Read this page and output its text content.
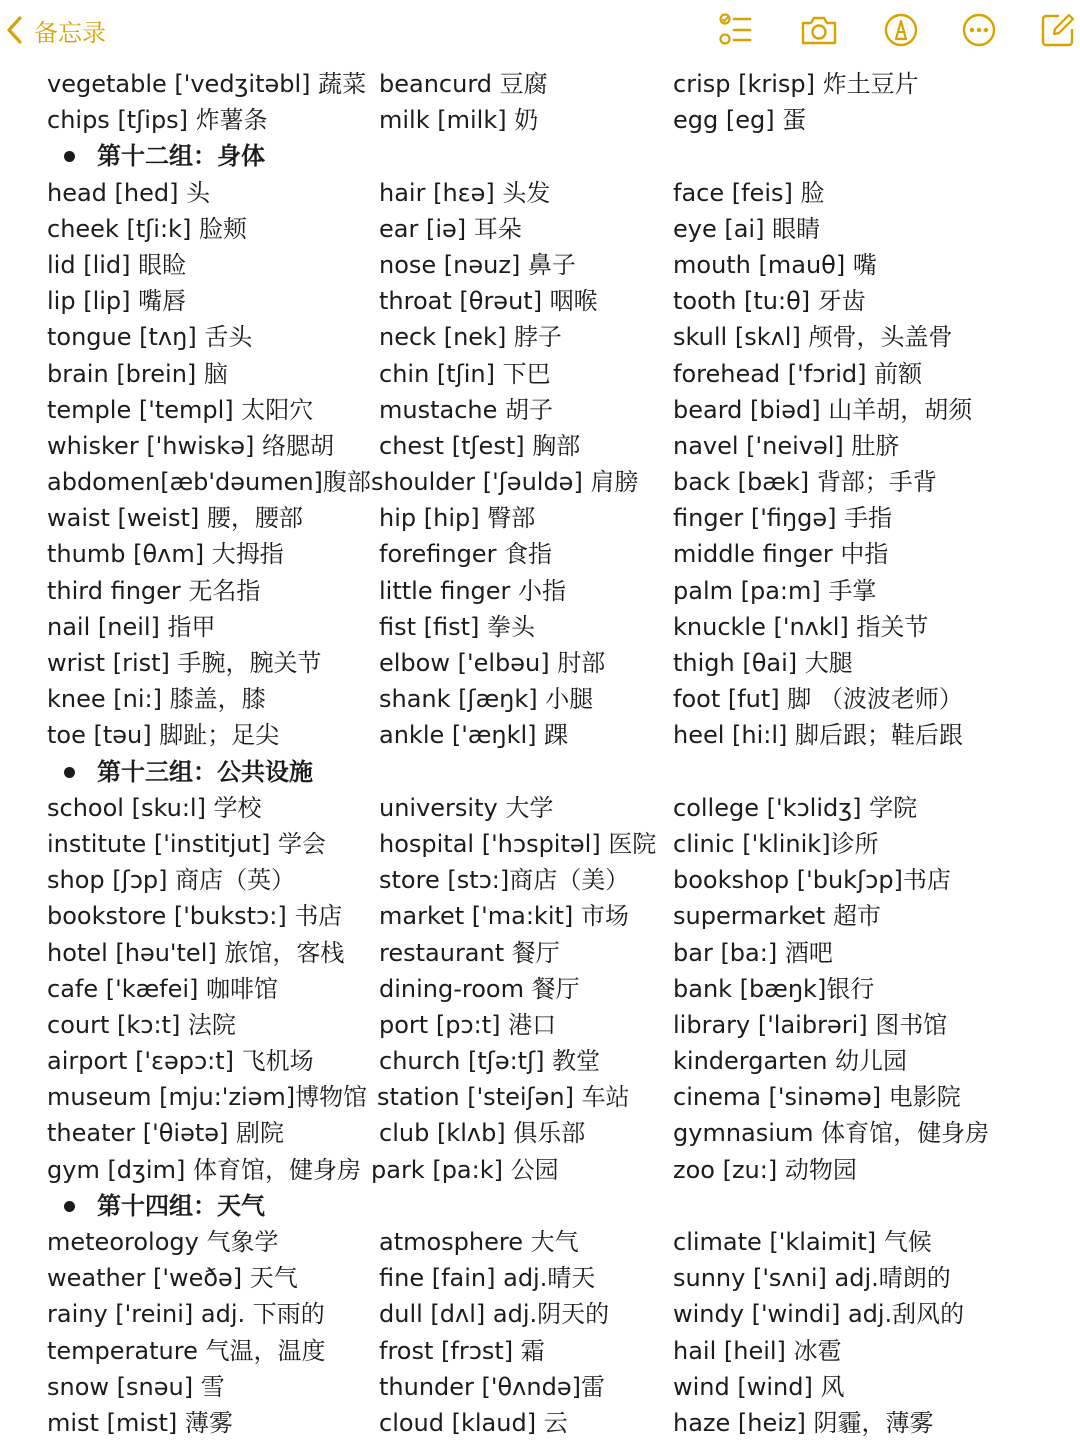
备忘录
vegetable ['vedʒitəbl] 蔬菜 beancurd 豆腐	crisp [krisp] 炸土豆片
chips [tʃips] 炸薯条	milk [milk] 奶	egg [eg] 蛋
第十二组：身体
head [hed] 头	hair [hεə] 头发	face [feis] 脸
cheek [tʃi:k] 脸颊	ear [iə] 耳朵	eye [ai] 眼睛
lid [lid] 眼睑	nose [nəuz] 鼻子	mouth [mauθ] 嘴
lip [lip] 嘴唇	throat [θrəut] 咽喉	tooth [tu:θ] 牙齿
tongue [tʌŋ] 舌头	neck [nek] 脖子	skull [skʌl] 颅骨，头盖骨
brain [brein] 脑	chin [tʃin] 下巴	forehead ['fɔrid] 前额
temple ['templ] 太阳穴	mustache 胡子	beard [biəd] 山羊胡，胡须
whisker ['hwiskə] 络腮胡 chest [tʃest] 胸部	navel ['neivəl] 肚脐
abdomen[æb'dəumen]腹部 shoulder ['ʃəuldə] 肩膀 back [bæk] 背部；手背
waist [weist] 腰，腰部	hip [hip] 臀部	finger ['fiŋgə] 手指
thumb [θʌm] 大拇指	forefinger 食指	middle finger 中指
third finger 无名指	little finger 小指	palm [pa:m] 手掌
nail [neil] 指甲	fist [fist] 拳头	knuckle ['nʌkl] 指关节
wrist [rist] 手腕，腕关节 elbow ['elbəu] 肘部	thigh [θai] 大腿
knee [ni:] 膝盖，膝	shank [ʃæŋk] 小腿	foot [fut] 脚 （波波老师）
toe [təu] 脚趾；足尖	ankle ['æŋkl] 踝	heel [hi:l] 脚后跟；鞋后跟
第十三组：公共设施
school [sku:l] 学校	university 大学	college ['kɔlidʒ] 学院
institute ['institjut] 学会 hospital ['hɔspitəl] 医院 clinic ['klinik]诊所
shop [ʃɔp] 商店（英）	store [stɔ:]商店（美） bookshop ['bukʃɔp]书店
bookstore ['bukstɔ:] 书店 market ['ma:kit] 市场 supermarket 超市
hotel [həu'tel] 旅馆，客栈 restaurant 餐厅	bar [ba:] 酒吧
cafe ['kæfei] 咖啡馆	dining-room 餐厅	bank [bæŋk]银行
court [kɔ:t] 法院	port [pɔ:t] 港口	library ['laibrəri] 图书馆
airport ['εəpɔ:t] 飞机场	church [tʃə:tʃ] 教堂	kindergarten 幼儿园
museum [mju:'ziəm]博物馆 station ['steiʃən] 车站 cinema ['sinəmə] 电影院
theater ['θiətə] 剧院	club [klʌb] 俱乐部	gymnasium 体育馆，健身房
gym [dʒim] 体育馆，健身房 park [pa:k] 公园	zoo [zu:] 动物园
第十四组：天气
meteorology 气象学	atmosphere 大气	climate ['klaimit] 气候
weather ['weðə] 天气	fine [fain] adj.晴天	sunny ['sʌni] adj.晴朗的
rainy ['reini] adj. 下雨的 dull [dʌl] adj.阴天的	windy ['windi] adj.刮风的
temperature 气温，温度 frost [frɔst] 霜	hail [heil] 冰雹
snow [snəu] 雪	thunder ['θʌndə]雷	wind [wind] 风
mist [mist] 薄雾	cloud [klaud] 云	haze [heiz] 阴霾，薄雾
